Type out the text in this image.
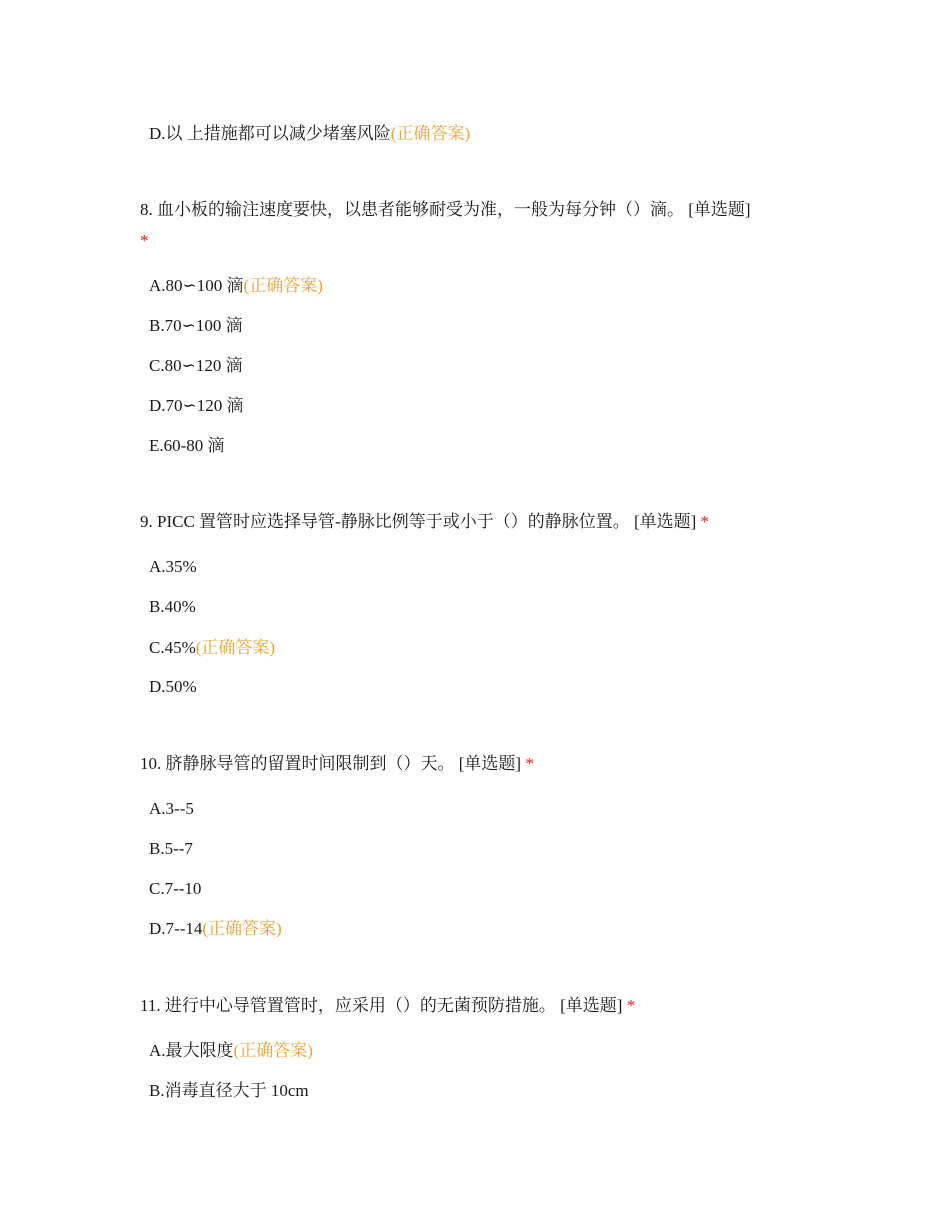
D.以 上措施都可以减少堵塞风险(正确答案)
8. 血小板的输注速度要快，以患者能够耐受为准，一般为每分钟（）滴。 [单选题]
*
A.80∽100 滴(正确答案)
B.70∽100 滴
C.80∽120 滴
D.70∽120 滴
E.60-80 滴
9. PICC 置管时应选择导管-静脉比例等于或小于（）的静脉位置。 [单选题] *
A.35%
B.40%
C.45%(正确答案)
D.50%
10. 脐静脉导管的留置时间限制到（）天。 [单选题] *
A.3--5
B.5--7
C.7--10
D.7--14(正确答案)
11. 进行中心导管置管时，应采用（）的无菌预防措施。 [单选题] *
A.最大限度(正确答案)
B.消毒直径大于 10cm
